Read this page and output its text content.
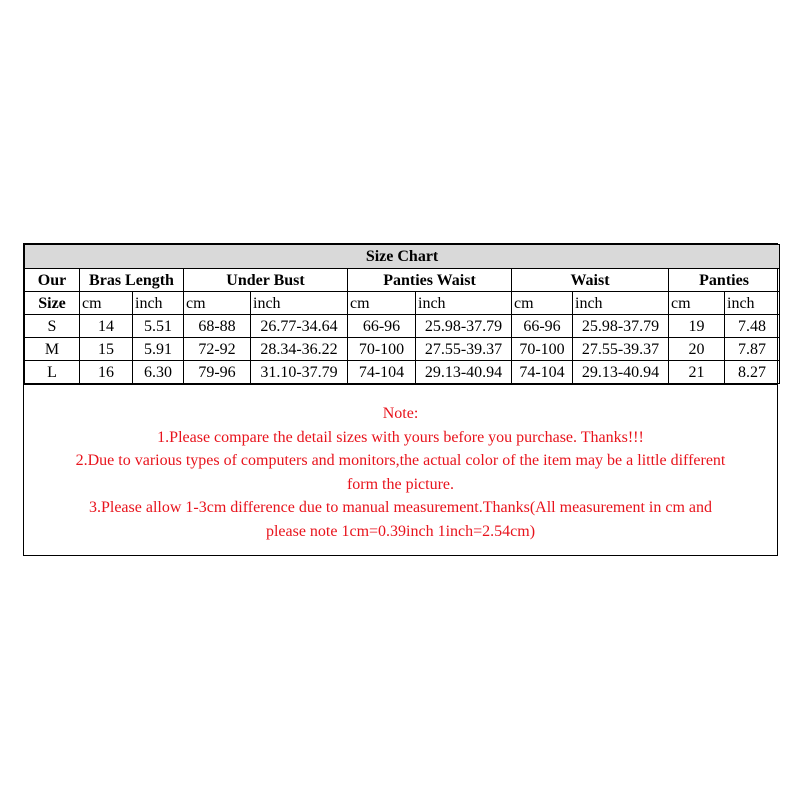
Size Chart										
Our	Bras Length		Under Bust		Panties Waist		Waist		Panties	
Size	cm	inch	cm	inch	cm	inch	cm	inch	cm	inch
S	14	5.51	68-88	26.77-34.64	66-96	25.98-37.79	66-96	25.98-37.79	19	7.48
M	15	5.91	72-92	28.34-36.22	70-100	27.55-39.37	70-100	27.55-39.37	20	7.87
L	16	6.30	79-96	31.10-37.79	74-104	29.13-40.94	74-104	29.13-40.94	21	8.27
Note:
1.Please compare the detail sizes with yours before you purchase. Thanks!!!
2.Due to various types of computers and monitors,the actual color of the item may be a little different
form the picture.
3.Please allow 1-3cm difference due to manual measurement.Thanks(All measurement in cm and
please note 1cm=0.39inch 1inch=2.54cm)
